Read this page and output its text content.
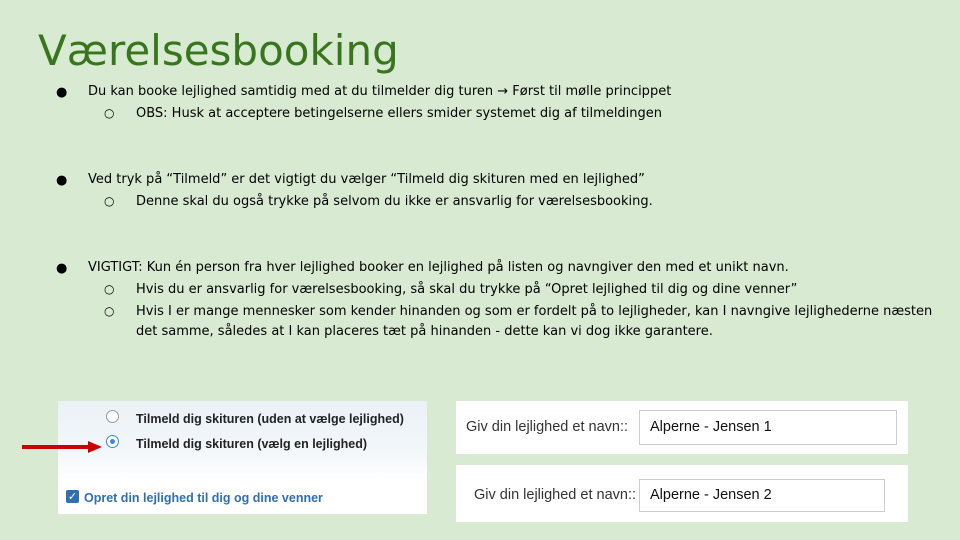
Værelsesbooking
● Du kan booke lejlighed samtidig med at du tilmelder dig turen → Først til mølle princippet
○ OBS: Husk at acceptere betingelserne ellers smider systemet dig af tilmeldingen
● Ved tryk på “Tilmeld” er det vigtigt du vælger “Tilmeld dig skituren med en lejlighed”
○ Denne skal du også trykke på selvom du ikke er ansvarlig for værelsesbooking.
● VIGTIGT: Kun én person fra hver lejlighed booker en lejlighed på listen og navngiver den med et unikt navn.
○ Hvis du er ansvarlig for værelsesbooking, så skal du trykke på “Opret lejlighed til dig og dine venner”
○ Hvis I er mange mennesker som kender hinanden og som er fordelt på to lejligheder, kan I navngive lejlighederne næsten det samme, således at I kan placeres tæt på hinanden - dette kan vi dog ikke garantere.
Tilmeld dig skituren (uden at vælge lejlighed)
Tilmeld dig skituren (vælg en lejlighed)
✓ Opret din lejlighed til dig og dine venner
Giv din lejlighed et navn::	Alperne - Jensen 1
Giv din lejlighed et navn:: Alperne - Jensen 2
